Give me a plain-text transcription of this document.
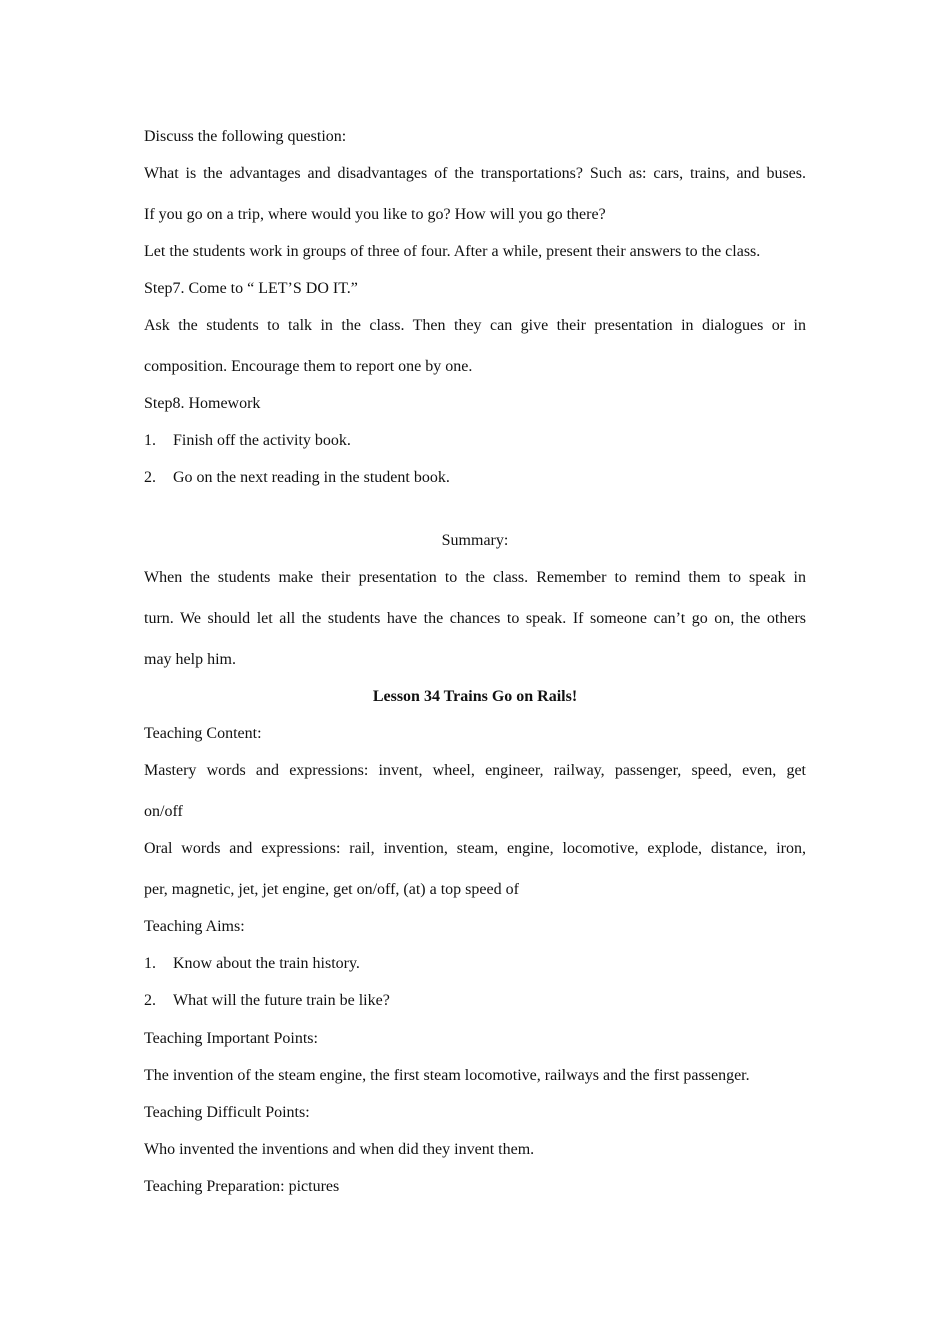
Discuss the following question:
What is the advantages and disadvantages of the transportations? Such as: cars, trains, and buses.
If you go on a trip, where would you like to go? How will you go there?
Let the students work in groups of three of four. After a while, present their answers to the class.
Step7. Come to “ LET’S DO IT.”
Ask the students to talk in the class. Then they can give their presentation in dialogues or in
composition. Encourage them to report one by one.
Step8. Homework
1. Finish off the activity book.
2. Go on the next reading in the student book.
Summary:
When the students make their presentation to the class. Remember to remind them to speak in
turn. We should let all the students have the chances to speak. If someone can’t go on, the others
may help him.
Lesson 34 Trains Go on Rails!
Teaching Content:
Mastery words and expressions: invent, wheel, engineer, railway, passenger, speed, even, get
on/off
Oral words and expressions: rail, invention, steam, engine, locomotive, explode, distance, iron,
per, magnetic, jet, jet engine, get on/off, (at) a top speed of
Teaching Aims:
1. Know about the train history.
2. What will the future train be like?
Teaching Important Points:
The invention of the steam engine, the first steam locomotive, railways and the first passenger.
Teaching Difficult Points:
Who invented the inventions and when did they invent them.
Teaching Preparation: pictures
